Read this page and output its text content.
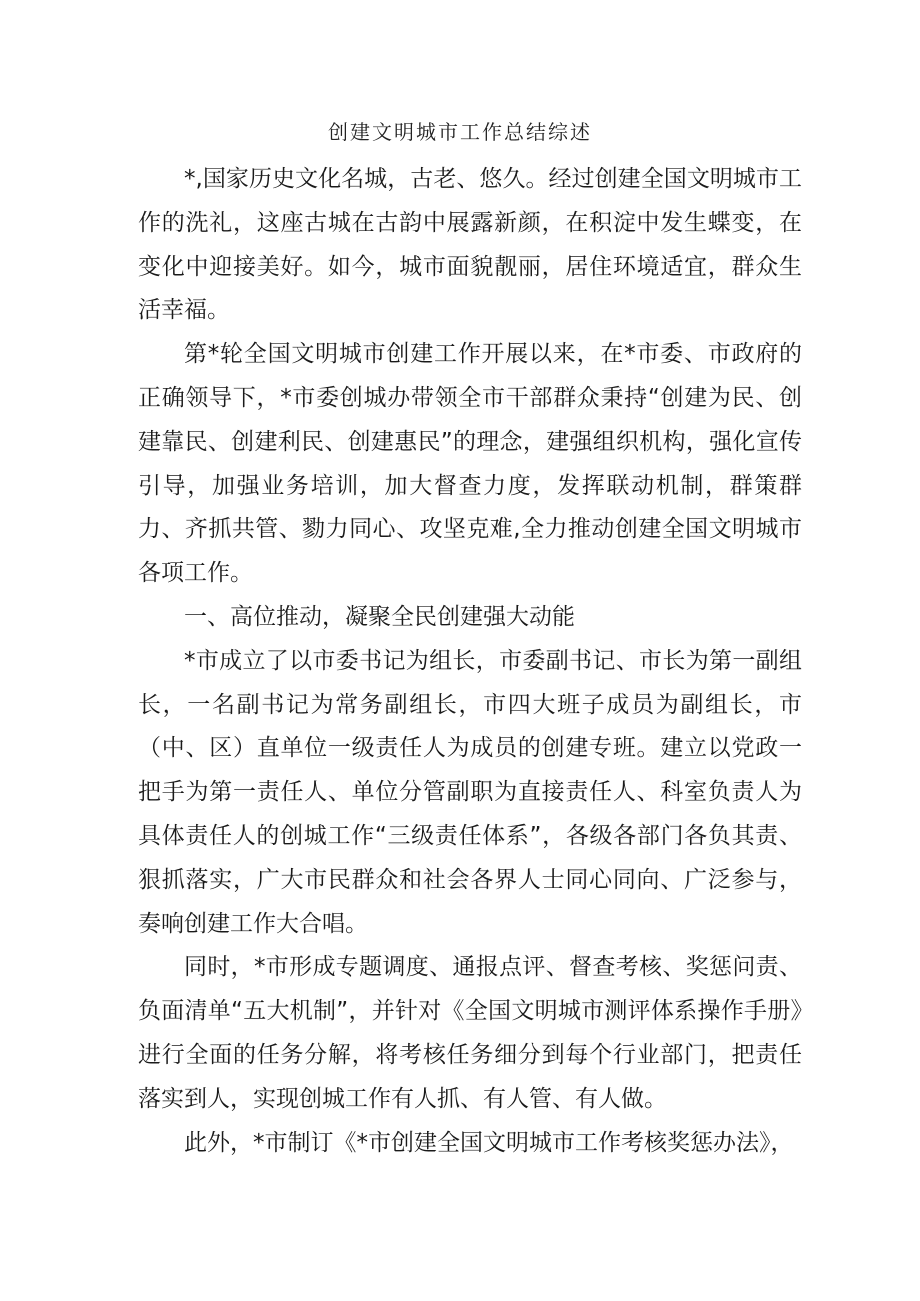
创建文明城市工作总结综述

*,国家历史文化名城，古老、悠久。经过创建全国文明城市工作的洗礼，这座古城在古韵中展露新颜，在积淀中发生蝶变，在变化中迎接美好。如今，城市面貌靓丽，居住环境适宜，群众生活幸福。

第*轮全国文明城市创建工作开展以来，在*市委、市政府的正确领导下，*市委创城办带领全市干部群众秉持“创建为民、创建靠民、创建利民、创建惠民”的理念，建强组织机构，强化宣传引导，加强业务培训，加大督查力度，发挥联动机制，群策群力、齐抓共管、勠力同心、攻坚克难,全力推动创建全国文明城市各项工作。

一、高位推动，凝聚全民创建强大动能

*市成立了以市委书记为组长，市委副书记、市长为第一副组长，一名副书记为常务副组长，市四大班子成员为副组长，市（中、区）直单位一级责任人为成员的创建专班。建立以党政一把手为第一责任人、单位分管副职为直接责任人、科室负责人为具体责任人的创城工作“三级责任体系”，各级各部门各负其责、狠抓落实，广大市民群众和社会各界人士同心同向、广泛参与，奏响创建工作大合唱。

同时，*市形成专题调度、通报点评、督查考核、奖惩问责、负面清单“五大机制”，并针对《全国文明城市测评体系操作手册》进行全面的任务分解，将考核任务细分到每个行业部门，把责任落实到人，实现创城工作有人抓、有人管、有人做。

此外，*市制订《*市创建全国文明城市工作考核奖惩办法》，
